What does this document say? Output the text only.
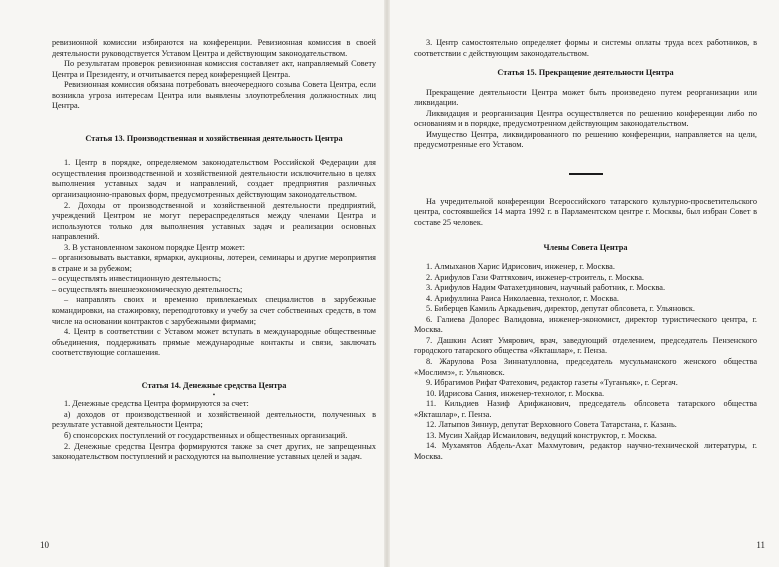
ревизионной комиссии избираются на конференции. Ревизионная комиссия в своей деятельности руководствуется Уставом Центра и действующим законодательством.

По результатам проверок ревизионная комиссия составляет акт, направляемый Совету Центра и Президенту, и отчитывается перед конференцией Центра.

Ревизионная комиссия обязана потребовать внеочередного созыва Совета Центра, если возникла угроза интересам Центра или выявлены злоупотребления должностных лиц Центра.

Статья 13. Производственная и хозяйственная деятельность Центра

1. Центр в порядке, определяемом законодательством Российской Федерации для осуществления производственной и хозяйственной деятельности исключительно в целях выполнения уставных задач и направлений, создает предприятия различных организационно-правовых форм, предусмотренных действующим законодательством.

2. Доходы от производственной и хозяйственной деятельности предприятий, учреждений Центром не могут перераспределяться между членами Центра и используются только для выполнения уставных задач и реализации основных направлений.

3. В установленном законом порядке Центр может:

– организовывать выставки, ярмарки, аукционы, лотереи, семинары и другие мероприятия в стране и за рубежом;

– осуществлять инвестиционную деятельность;

– осуществлять внешнеэкономическую деятельность;

– направлять своих и временно привлекаемых специалистов в зарубежные командировки, на стажировку, переподготовку и учебу за счет собственных средств, в том числе на основании контрактов с зарубежными фирмами;

4. Центр в соответствии с Уставом может вступать в международные общественные объединения, поддерживать прямые международные контакты и связи, заключать соответствующие соглашения.

Статья 14. Денежные средства Центра
•

1. Денежные средства Центра формируются за счет:

а) доходов от производственной и хозяйственной деятельности, полученных в результате уставной деятельности Центра;

б) спонсорских поступлений от государственных и общественных организаций.

2. Денежные средства Центра формируются также за счет других, не запрещенных законодательством поступлений и расходуются на выполнение уставных целей и задач.

10

3. Центр самостоятельно определяет формы и системы оплаты труда всех работников, в соответствии с действующим законодательством.

Статья 15. Прекращение деятельности Центра

Прекращение деятельности Центра может быть произведено путем реорганизации или ликвидации.

Ликвидация и реорганизация Центра осуществляется по решению конференции либо по основаниям и в порядке, предусмотренном действующим законодательством.

Имущество Центра, ликвидированного по решению конференции, направляется на цели, предусмотренные его Уставом.

На учредительной конференции Всероссийского татарского культурно-просветительского центра, состоявшейся 14 марта 1992 г. в Парламентском центре г. Москвы, был избран Совет в составе 25 человек.

Члены Совета Центра
1. Алмыханов Харис Идрисович, инженер, г. Москва.
2. Арифулов Гази Фаттяхович, инженер-строитель, г. Москва.
3. Арифулов Надим Фатахетдинович, научный работник, г. Москва.
4. Арифуллина Раиса Николаевна, технолог, г. Москва.
5. Биберцев Камиль Аркадьевич, директор, депутат облсовета, г. Ульяновск.
6. Галиева Долорес Валидовна, инженер-экономист, директор туристического центра, г. Москва.
7. Дашкин Асият Умярович, врач, заведующий отделением, председатель Пензенского городского татарского общества «Якташлар», г. Пенза.
8. Жарулова Роза Зиннатулловна, председатель мусульманского женского общества «Мослимэ», г. Ульяновск.
9. Ибрагимов Рифат Фатехович, редактор газеты «Туганъяк», г. Сергач.
10. Идрисова Сания, инженер-технолог, г. Москва.
11. Кильдиев Назиф Арифжанович, председатель облсовета татарского общества «Якташлар», г. Пенза.
12. Латыпов Зиннур, депутат Верховного Совета Татарстана, г. Казань.
13. Мусин Хайдар Исмаилович, ведущий конструктор, г. Москва.
14. Мухамятов Абдель-Ахат Махмутович, редактор научно-технической литературы, г. Москва.
11
